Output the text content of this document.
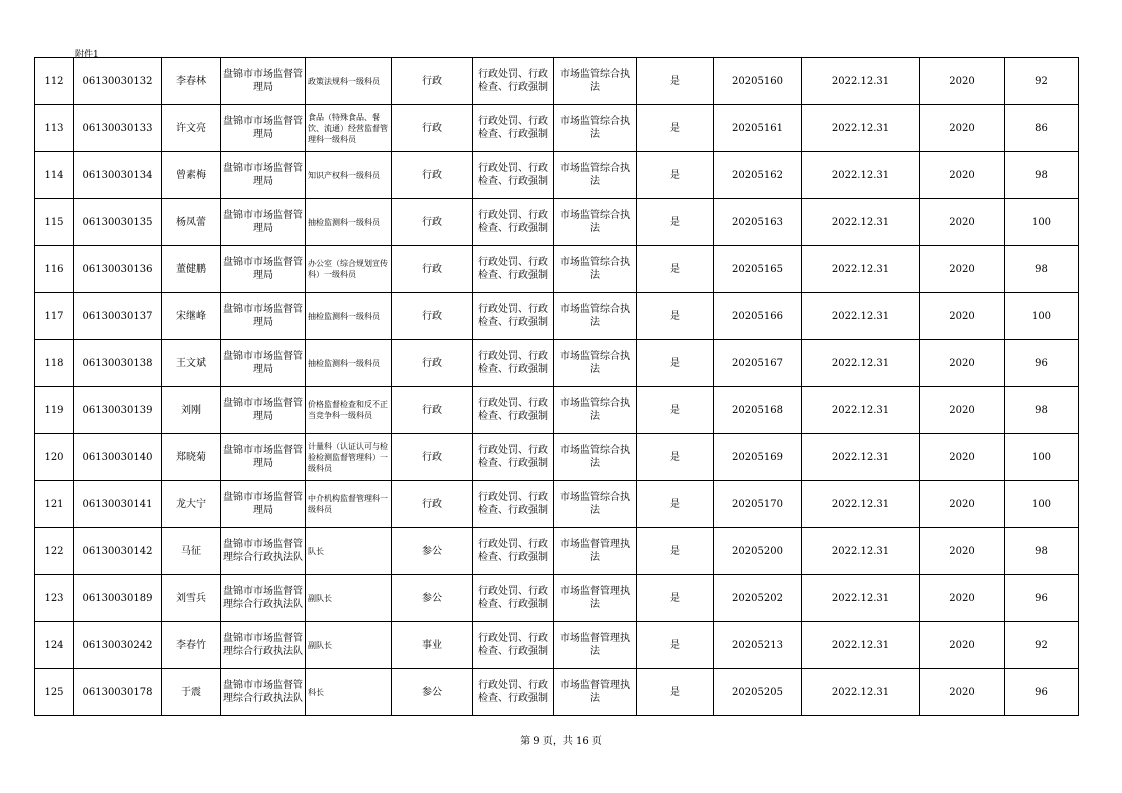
附件1
112	06130030132	李春林	盘锦市市场监督管理局	政策法规科一级科员	行政	行政处罚、行政检查、行政强制	市场监管综合执法	是	20205160	2022.12.31	2020	92
113	06130030133	许文亮	盘锦市市场监督管理局	食品（特殊食品、餐饮、流通）经营监督管理科一级科员	行政	行政处罚、行政检查、行政强制	市场监管综合执法	是	20205161	2022.12.31	2020	86
114	06130030134	曾素梅	盘锦市市场监督管理局	知识产权科一级科员	行政	行政处罚、行政检查、行政强制	市场监管综合执法	是	20205162	2022.12.31	2020	98
115	06130030135	杨凤蕾	盘锦市市场监督管理局	抽检监测科一级科员	行政	行政处罚、行政检查、行政强制	市场监管综合执法	是	20205163	2022.12.31	2020	100
116	06130030136	董健鹏	盘锦市市场监督管理局	办公室（综合规划宣传科）一级科员	行政	行政处罚、行政检查、行政强制	市场监管综合执法	是	20205165	2022.12.31	2020	98
117	06130030137	宋继峰	盘锦市市场监督管理局	抽检监测科一级科员	行政	行政处罚、行政检查、行政强制	市场监管综合执法	是	20205166	2022.12.31	2020	100
118	06130030138	王文斌	盘锦市市场监督管理局	抽检监测科一级科员	行政	行政处罚、行政检查、行政强制	市场监管综合执法	是	20205167	2022.12.31	2020	96
119	06130030139	刘刚	盘锦市市场监督管理局	价格监督检查和反不正当竞争科一级科员	行政	行政处罚、行政检查、行政强制	市场监管综合执法	是	20205168	2022.12.31	2020	98
120	06130030140	郑晓菊	盘锦市市场监督管理局	计量科（认证认可与检验检测监督管理科）一级科员	行政	行政处罚、行政检查、行政强制	市场监管综合执法	是	20205169	2022.12.31	2020	100
121	06130030141	龙大宁	盘锦市市场监督管理局	中介机构监督管理科一级科员	行政	行政处罚、行政检查、行政强制	市场监管综合执法	是	20205170	2022.12.31	2020	100
122	06130030142	马征	盘锦市市场监督管理综合行政执法队	队长	参公	行政处罚、行政检查、行政强制	市场监督管理执法	是	20205200	2022.12.31	2020	98
123	06130030189	刘雪兵	盘锦市市场监督管理综合行政执法队	副队长	参公	行政处罚、行政检查、行政强制	市场监督管理执法	是	20205202	2022.12.31	2020	96
124	06130030242	李春竹	盘锦市市场监督管理综合行政执法队	副队长	事业	行政处罚、行政检查、行政强制	市场监督管理执法	是	20205213	2022.12.31	2020	92
125	06130030178	于震	盘锦市市场监督管理综合行政执法队	科长	参公	行政处罚、行政检查、行政强制	市场监督管理执法	是	20205205	2022.12.31	2020	96
第 9 页，共 16 页
